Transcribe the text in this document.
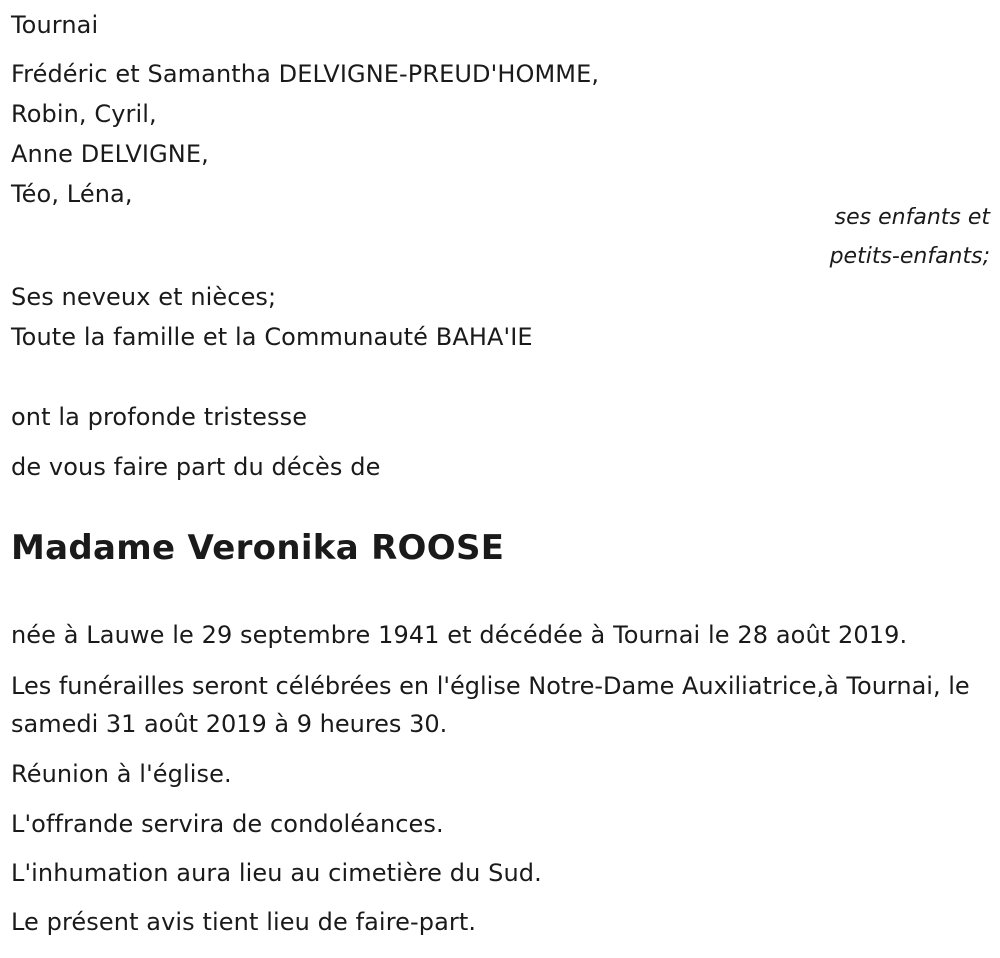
Tournai
Frédéric et Samantha DELVIGNE-PREUD'HOMME,
Robin, Cyril,
Anne DELVIGNE,
Téo, Léna,
ses enfants et
petits-enfants;
Ses neveux et nièces;
Toute la famille et la Communauté BAHA'IE
ont la profonde tristesse
de vous faire part du décès de
Madame Veronika ROOSE
née à Lauwe le 29 septembre 1941 et décédée à Tournai le 28 août 2019.
Les funérailles seront célébrées en l'église Notre-Dame Auxiliatrice,à Tournai, le samedi 31 août 2019 à 9 heures 30.
Réunion à l'église.
L'offrande servira de condoléances.
L'inhumation aura lieu au cimetière du Sud.
Le présent avis tient lieu de faire-part.
